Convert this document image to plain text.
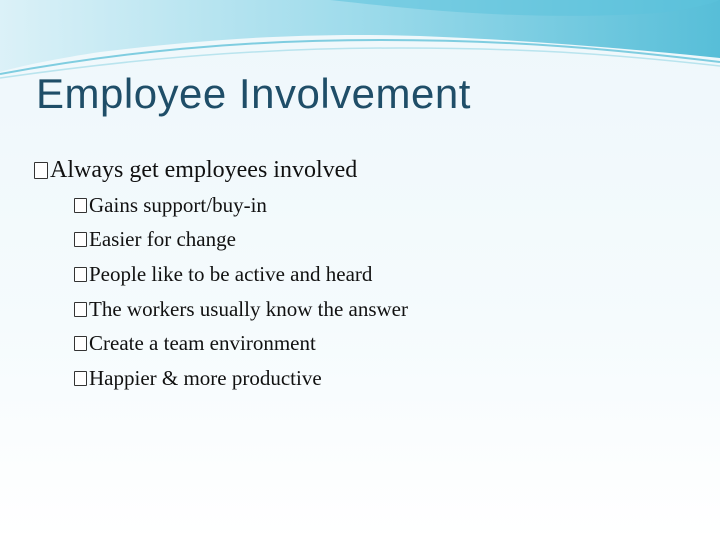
Employee Involvement
Always get employees involved
Gains support/buy-in
Easier for change
People like to be active and heard
The workers usually know the answer
Create a team environment
Happier & more productive
